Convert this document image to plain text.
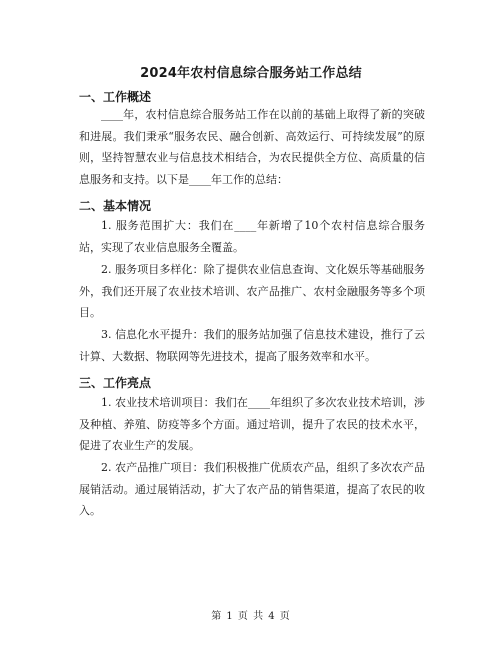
2024年农村信息综合服务站工作总结
一、工作概述
____年，农村信息综合服务站工作在以前的基础上取得了新的突破和进展。我们秉承“服务农民、融合创新、高效运行、可持续发展”的原则，坚持智慧农业与信息技术相结合，为农民提供全方位、高质量的信息服务和支持。以下是____年工作的总结：
二、基本情况
1. 服务范围扩大：我们在____年新增了10个农村信息综合服务站，实现了农业信息服务全覆盖。
2. 服务项目多样化：除了提供农业信息查询、文化娱乐等基础服务外，我们还开展了农业技术培训、农产品推广、农村金融服务等多个项目。
3. 信息化水平提升：我们的服务站加强了信息技术建设，推行了云计算、大数据、物联网等先进技术，提高了服务效率和水平。
三、工作亮点
1. 农业技术培训项目：我们在____年组织了多次农业技术培训，涉及种植、养殖、防疫等多个方面。通过培训，提升了农民的技术水平，促进了农业生产的发展。
2. 农产品推广项目：我们积极推广优质农产品，组织了多次农产品展销活动。通过展销活动，扩大了农产品的销售渠道，提高了农民的收入。
第 1 页 共 4 页
